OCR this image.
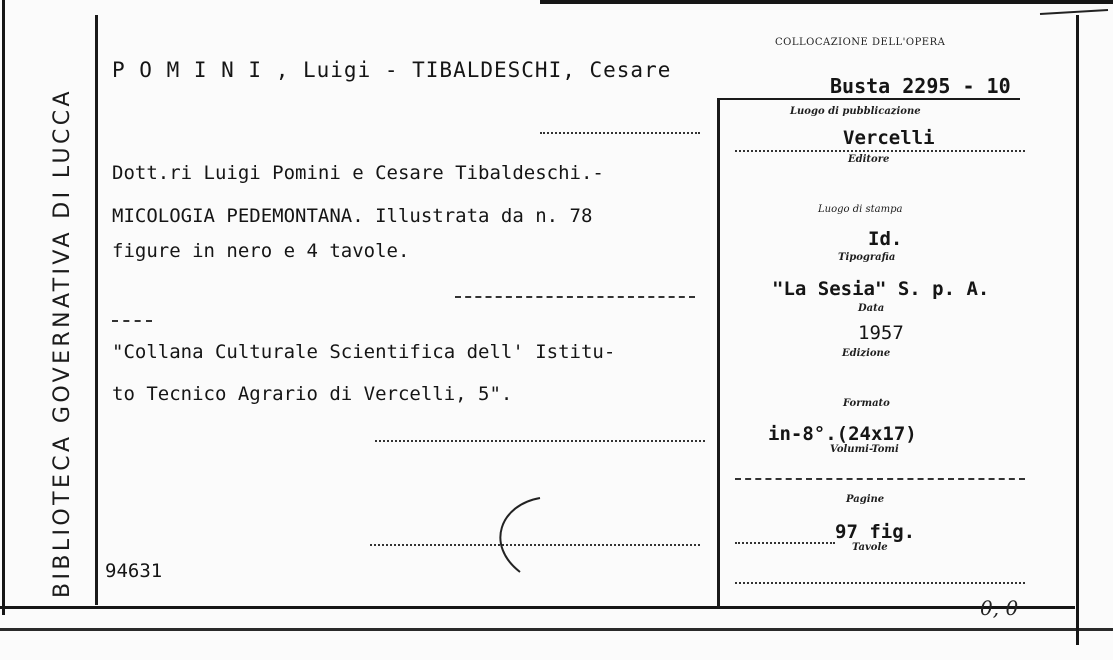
BIBLIOTECA GOVERNATIVA DI LUCCA
P O M I N I , Luigi - TIBALDESCHI, Cesare
COLLOCAZIONE DELL'OPERA
Busta 2295 - 10
Dott.ri Luigi Pomini e Cesare Tibaldeschi.-
MICOLOGIA PEDEMONTANA. Illustrata da n. 78
figure in nero e 4 tavole.
"Collana Culturale Scientifica dell' Istitu-
to Tecnico Agrario di Vercelli, 5".
94631
0, 0
Luogo di pubblicazione
Vercelli
Editore
Luogo di stampa
Id.
Tipografia
"La Sesia" S. p. A.
Data
1957
Edizione
Formato
in-8°.(24x17)
Volumi-Tomi
Pagine
97 fig.
Tavole
